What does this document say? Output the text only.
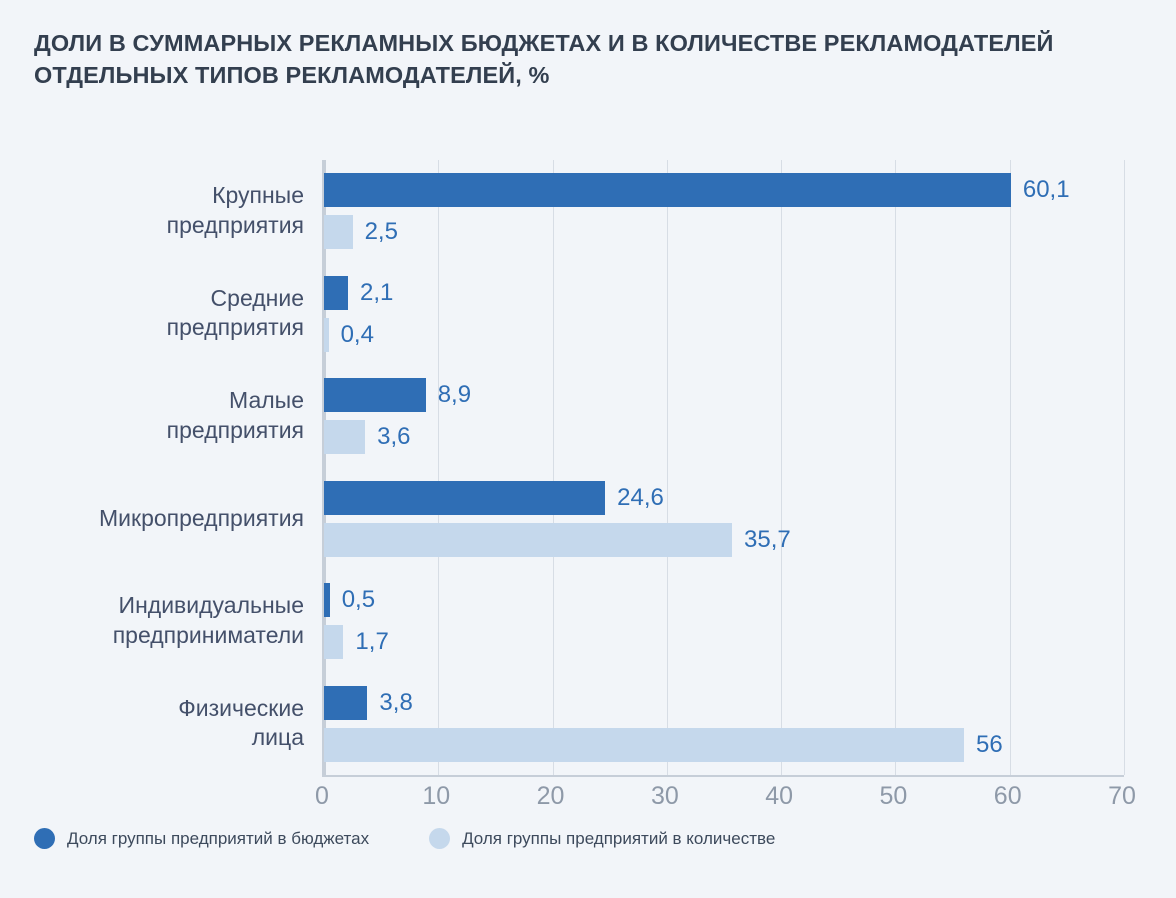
ДОЛИ В СУММАРНЫХ РЕКЛАМНЫХ БЮДЖЕТАХ И В КОЛИЧЕСТВЕ РЕКЛАМОДАТЕЛЕЙ
ОТДЕЛЬНЫХ ТИПОВ РЕКЛАМОДАТЕЛЕЙ, %
60,1
2,5
2,1
0,4
8,9
3,6
24,6
35,7
0,5
1,7
3,8
56
0	10	20	30	40	50	60	70
Крупные
предприятия
Средние
предприятия
Малые
предприятия
Микропредприятия
Индивидуальные
предприниматели
Физические
лица
Доля группы предприятий в бюджетах	Доля группы предприятий в количестве
